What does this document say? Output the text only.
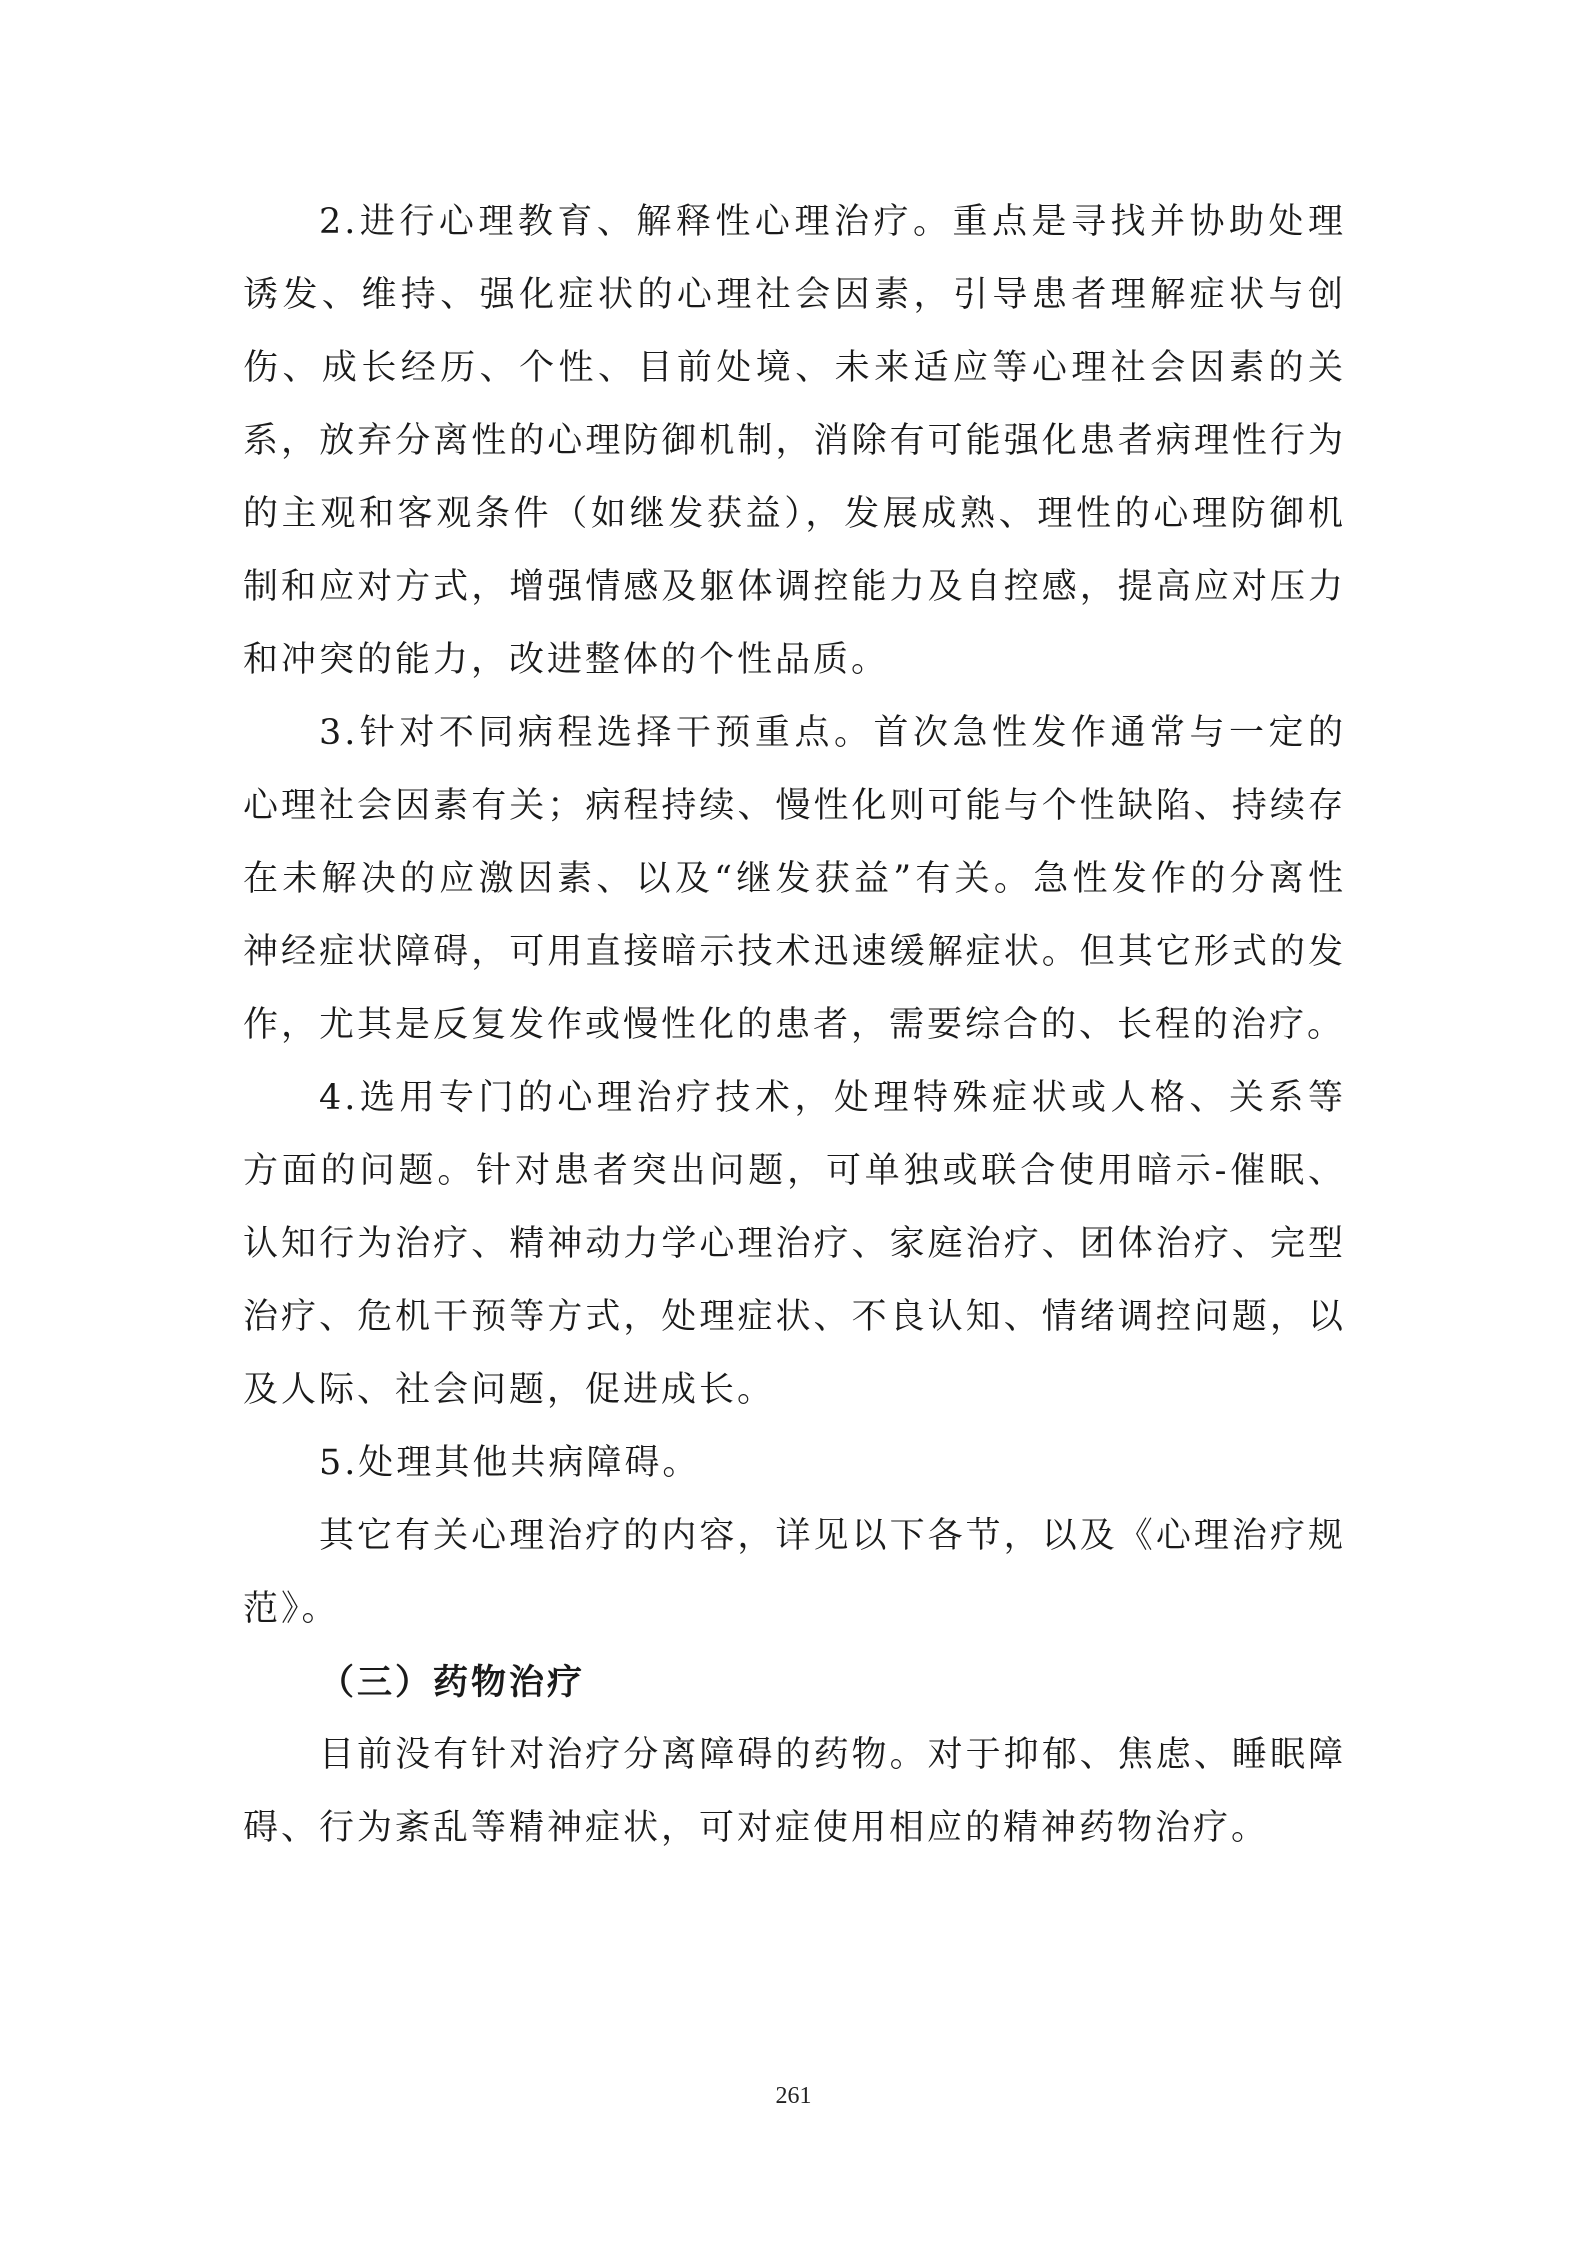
2.进行心理教育、解释性心理治疗。重点是寻找并协助处理诱发、维持、强化症状的心理社会因素，引导患者理解症状与创伤、成长经历、个性、目前处境、未来适应等心理社会因素的关系，放弃分离性的心理防御机制，消除有可能强化患者病理性行为的主观和客观条件（如继发获益），发展成熟、理性的心理防御机制和应对方式，增强情感及躯体调控能力及自控感，提高应对压力和冲突的能力，改进整体的个性品质。

3.针对不同病程选择干预重点。首次急性发作通常与一定的心理社会因素有关；病程持续、慢性化则可能与个性缺陷、持续存在未解决的应激因素、以及“继发获益”有关。急性发作的分离性神经症状障碍，可用直接暗示技术迅速缓解症状。但其它形式的发作，尤其是反复发作或慢性化的患者，需要综合的、长程的治疗。

4.选用专门的心理治疗技术，处理特殊症状或人格、关系等方面的问题。针对患者突出问题，可单独或联合使用暗示-催眠、认知行为治疗、精神动力学心理治疗、家庭治疗、团体治疗、完型治疗、危机干预等方式，处理症状、不良认知、情绪调控问题，以及人际、社会问题，促进成长。

5.处理其他共病障碍。

其它有关心理治疗的内容，详见以下各节，以及《心理治疗规范》。

（三）药物治疗

目前没有针对治疗分离障碍的药物。对于抑郁、焦虑、睡眠障碍、行为紊乱等精神症状，可对症使用相应的精神药物治疗。

261
